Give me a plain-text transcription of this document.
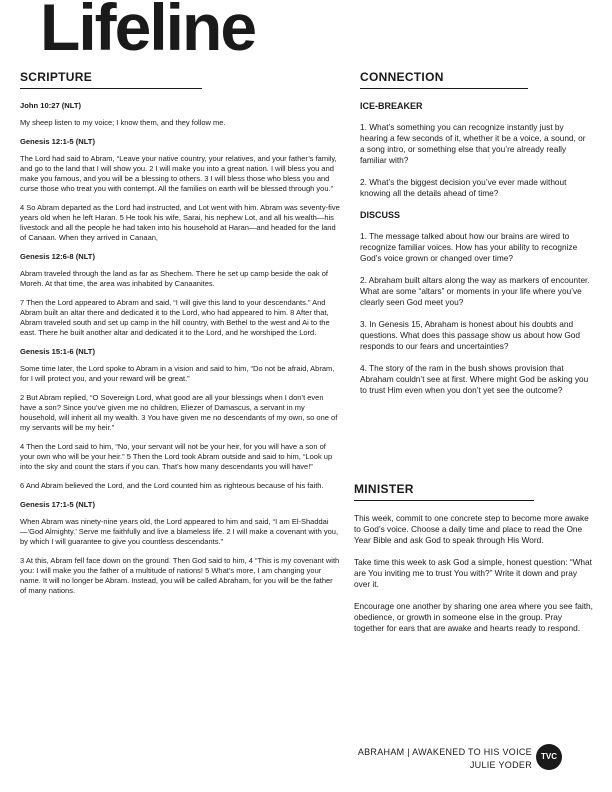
Lifeline
SCRIPTURE

John 10:27 (NLT)

My sheep listen to my voice; I know them, and they follow me.

Genesis 12:1-5 (NLT)

The Lord had said to Abram, “Leave your native country, your relatives, and your father’s family, and go to the land that I will show you. 2 I will make you into a great nation. I will bless you and make you famous, and you will be a blessing to others. 3 I will bless those who bless you and curse those who treat you with contempt. All the families on earth will be blessed through you.”

4 So Abram departed as the Lord had instructed, and Lot went with him. Abram was seventy-five years old when he left Haran. 5 He took his wife, Sarai, his nephew Lot, and all his wealth—his livestock and all the people he had taken into his household at Haran—and headed for the land of Canaan. When they arrived in Canaan,

Genesis 12:6-8 (NLT)

Abram traveled through the land as far as Shechem. There he set up camp beside the oak of Moreh. At that time, the area was inhabited by Canaanites.

7 Then the Lord appeared to Abram and said, “I will give this land to your descendants.” And Abram built an altar there and dedicated it to the Lord, who had appeared to him. 8 After that, Abram traveled south and set up camp in the hill country, with Bethel to the west and Ai to the east. There he built another altar and dedicated it to the Lord, and he worshiped the Lord.

Genesis 15:1-6 (NLT)

Some time later, the Lord spoke to Abram in a vision and said to him, “Do not be afraid, Abram, for I will protect you, and your reward will be great.”

2 But Abram replied, “O Sovereign Lord, what good are all your blessings when I don’t even have a son? Since you’ve given me no children, Eliezer of Damascus, a servant in my household, will inherit all my wealth. 3 You have given me no descendants of my own, so one of my servants will be my heir.”

4 Then the Lord said to him, “No, your servant will not be your heir, for you will have a son of your own who will be your heir.” 5 Then the Lord took Abram outside and said to him, “Look up into the sky and count the stars if you can. That’s how many descendants you will have!”

6 And Abram believed the Lord, and the Lord counted him as righteous because of his faith.

Genesis 17:1-5 (NLT)

When Abram was ninety-nine years old, the Lord appeared to him and said, “I am El-Shaddai—‘God Almighty.’ Serve me faithfully and live a blameless life. 2 I will make a covenant with you, by which I will guarantee to give you countless descendants.”

3 At this, Abram fell face down on the ground. Then God said to him, 4 “This is my covenant with you: I will make you the father of a multitude of nations! 5 What’s more, I am changing your name. It will no longer be Abram. Instead, you will be called Abraham, for you will be the father of many nations.

CONNECTION

ICE-BREAKER

1. What’s something you can recognize instantly just by hearing a few seconds of it, whether it be a voice, a sound, or a song intro, or something else that you’re already really familiar with?

2. What’s the biggest decision you’ve ever made without knowing all the details ahead of time?

DISCUSS

1. The message talked about how our brains are wired to recognize familiar voices. How has your ability to recognize God’s voice grown or changed over time?

2. Abraham built altars along the way as markers of encounter. What are some “altars” or moments in your life where you’ve clearly seen God meet you?

3. In Genesis 15, Abraham is honest about his doubts and questions. What does this passage show us about how God responds to our fears and uncertainties?

4. The story of the ram in the bush shows provision that Abraham couldn’t see at first. Where might God be asking you to trust Him even when you don’t yet see the outcome?

MINISTER

This week, commit to one concrete step to become more awake to God’s voice. Choose a daily time and place to read the One Year Bible and ask God to speak through His Word.

Take time this week to ask God a simple, honest question: “What are You inviting me to trust You with?” Write it down and pray over it.

Encourage one another by sharing one area where you see faith, obedience, or growth in someone else in the group. Pray together for ears that are awake and hearts ready to respond.

ABRAHAM | AWAKENED TO HIS VOICE
JULIE YODER
TVC
